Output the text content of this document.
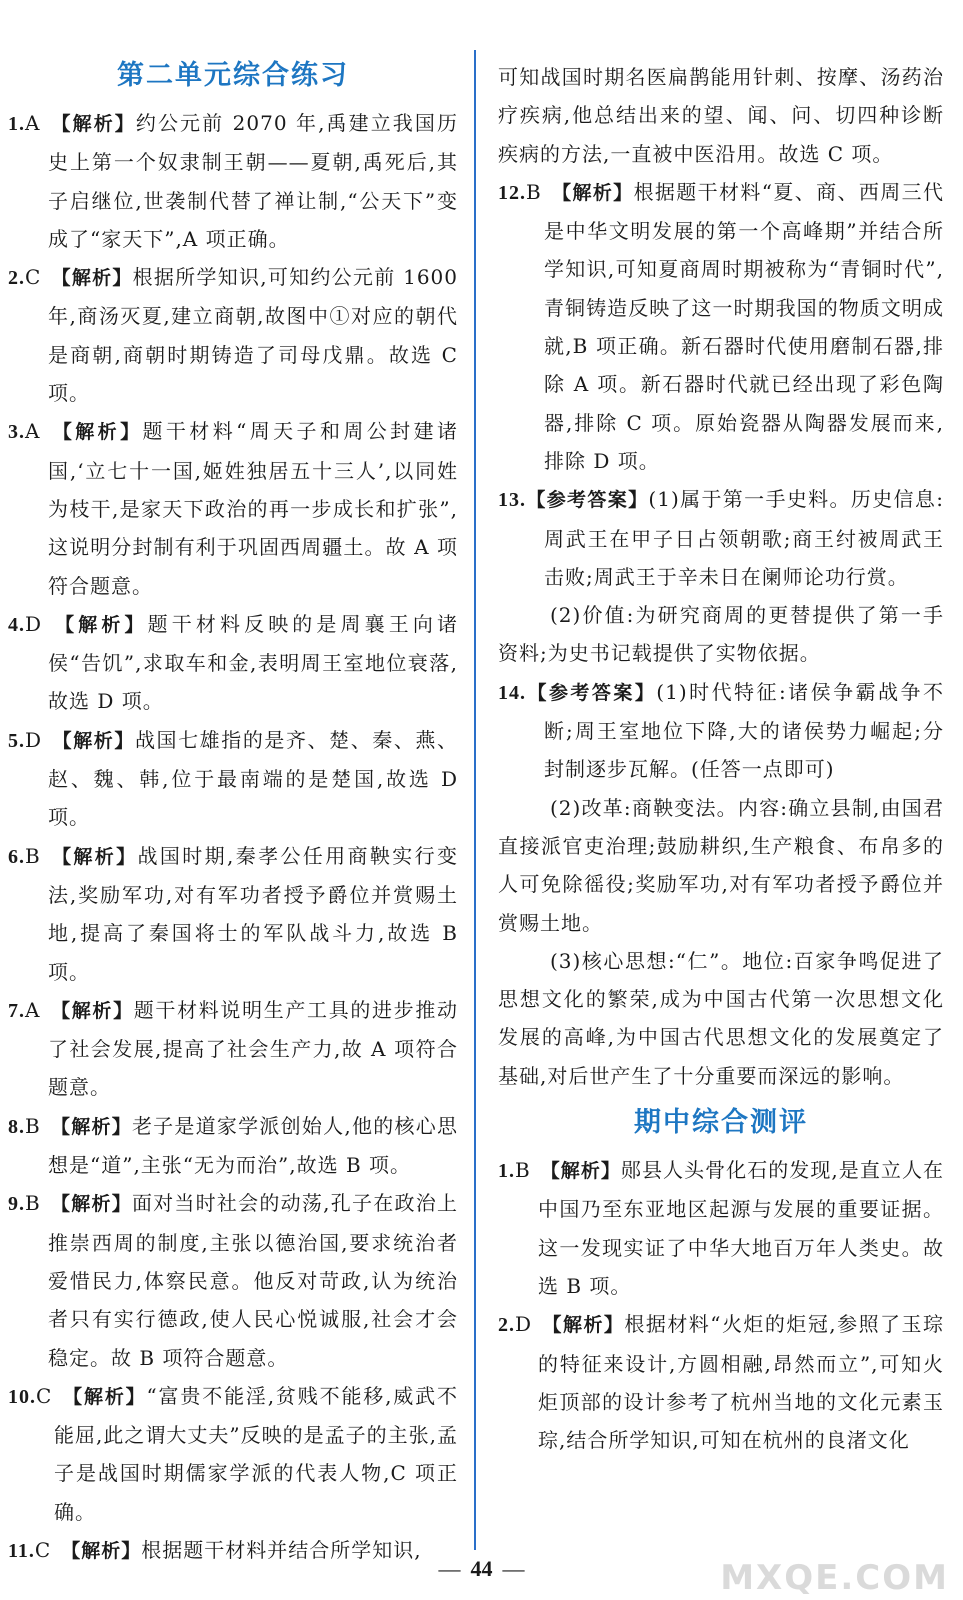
第二单元综合练习

1.A 【解析】约公元前 2070 年,禹建立我国历史上第一个奴隶制王朝——夏朝,禹死后,其子启继位,世袭制代替了禅让制,“公天下”变成了“家天下”,A 项正确。

2.C 【解析】根据所学知识,可知约公元前 1600 年,商汤灭夏,建立商朝,故图中①对应的朝代是商朝,商朝时期铸造了司母戊鼎。故选 C 项。

3.A 【解析】题干材料“周天子和周公封建诸国,‘立七十一国,姬姓独居五十三人’,以同姓为枝干,是家天下政治的再一步成长和扩张”,这说明分封制有利于巩固西周疆土。故 A 项符合题意。

4.D 【解析】题干材料反映的是周襄王向诸侯“告饥”,求取车和金,表明周王室地位衰落,故选 D 项。

5.D 【解析】战国七雄指的是齐、楚、秦、燕、赵、魏、韩,位于最南端的是楚国,故选 D 项。

6.B 【解析】战国时期,秦孝公任用商鞅实行变法,奖励军功,对有军功者授予爵位并赏赐土地,提高了秦国将士的军队战斗力,故选 B 项。

7.A 【解析】题干材料说明生产工具的进步推动了社会发展,提高了社会生产力,故 A 项符合题意。

8.B 【解析】老子是道家学派创始人,他的核心思想是“道”,主张“无为而治”,故选 B 项。

9.B 【解析】面对当时社会的动荡,孔子在政治上推崇西周的制度,主张以德治国,要求统治者爱惜民力,体察民意。他反对苛政,认为统治者只有实行德政,使人民心悦诚服,社会才会稳定。故 B 项符合题意。

10.C 【解析】“富贵不能淫,贫贱不能移,威武不能屈,此之谓大丈夫”反映的是孟子的主张,孟子是战国时期儒家学派的代表人物,C 项正确。

11.C 【解析】根据题干材料并结合所学知识,

可知战国时期名医扁鹊能用针刺、按摩、汤药治疗疾病,他总结出来的望、闻、问、切四种诊断疾病的方法,一直被中医沿用。故选 C 项。

12.B 【解析】根据题干材料“夏、商、西周三代是中华文明发展的第一个高峰期”并结合所学知识,可知夏商周时期被称为“青铜时代”,青铜铸造反映了这一时期我国的物质文明成就,B 项正确。新石器时代使用磨制石器,排除 A 项。新石器时代就已经出现了彩色陶器,排除 C 项。原始瓷器从陶器发展而来,排除 D 项。

13.【参考答案】(1)属于第一手史料。历史信息:周武王在甲子日占领朝歌;商王纣被周武王击败;周武王于辛未日在阑师论功行赏。

(2)价值:为研究商周的更替提供了第一手资料;为史书记载提供了实物依据。

14.【参考答案】(1)时代特征:诸侯争霸战争不断;周王室地位下降,大的诸侯势力崛起;分封制逐步瓦解。(任答一点即可)

(2)改革:商鞅变法。内容:确立县制,由国君直接派官吏治理;鼓励耕织,生产粮食、布帛多的人可免除徭役;奖励军功,对有军功者授予爵位并赏赐土地。

(3)核心思想:“仁”。地位:百家争鸣促进了思想文化的繁荣,成为中国古代第一次思想文化发展的高峰,为中国古代思想文化的发展奠定了基础,对后世产生了十分重要而深远的影响。

期中综合测评

1.B 【解析】郧县人头骨化石的发现,是直立人在中国乃至东亚地区起源与发展的重要证据。这一发现实证了中华大地百万年人类史。故选 B 项。

2.D 【解析】根据材料“火炬的炬冠,参照了玉琮的特征来设计,方圆相融,昂然而立”,可知火炬顶部的设计参考了杭州当地的文化元素玉琮,结合所学知识,可知在杭州的良渚文化

— 44 —	MXQE.COM
